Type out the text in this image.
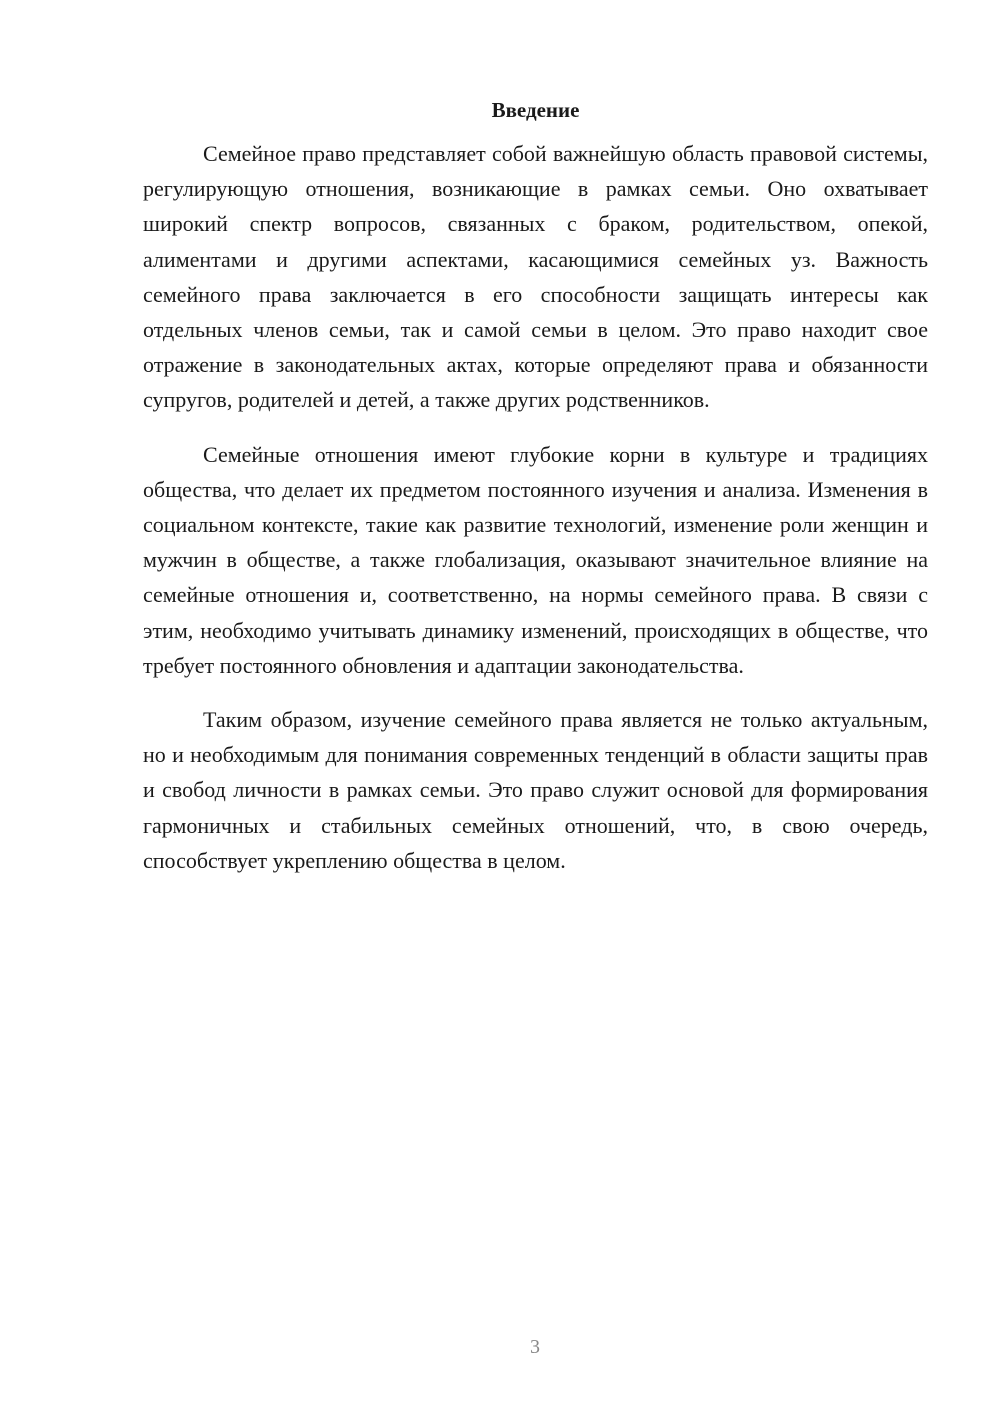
Введение

Семейное право представляет собой важнейшую область правовой системы, регулирующую отношения, возникающие в рамках семьи. Оно охватывает широкий спектр вопросов, связанных с браком, родительством, опекой, алиментами и другими аспектами, касающимися семейных уз. Важность семейного права заключается в его способности защищать интересы как отдельных членов семьи, так и самой семьи в целом. Это право находит свое отражение в законодательных актах, которые определяют права и обязанности супругов, родителей и детей, а также других родственников.

Семейные отношения имеют глубокие корни в культуре и традициях общества, что делает их предметом постоянного изучения и анализа. Изменения в социальном контексте, такие как развитие технологий, изменение роли женщин и мужчин в обществе, а также глобализация, оказывают значительное влияние на семейные отношения и, соответственно, на нормы семейного права. В связи с этим, необходимо учитывать динамику изменений, происходящих в обществе, что требует постоянного обновления и адаптации законодательства.

Таким образом, изучение семейного права является не только актуальным, но и необходимым для понимания современных тенденций в области защиты прав и свобод личности в рамках семьи. Это право служит основой для формирования гармоничных и стабильных семейных отношений, что, в свою очередь, способствует укреплению общества в целом.

3
